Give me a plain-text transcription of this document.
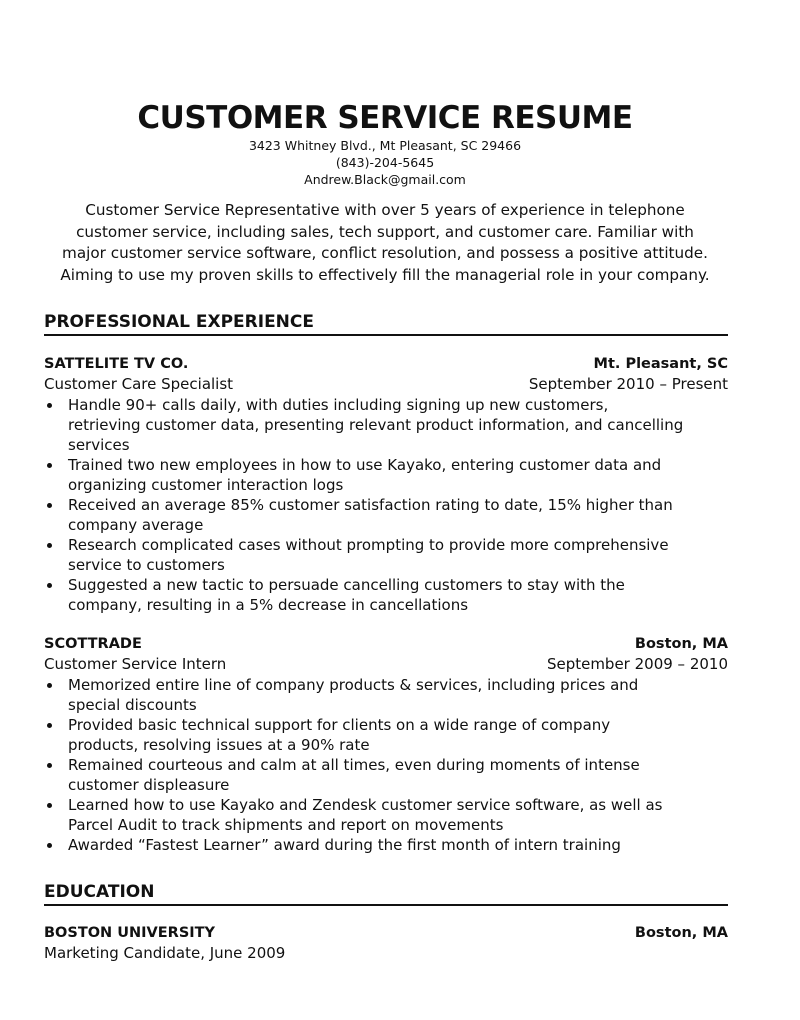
CUSTOMER SERVICE RESUME
3423 Whitney Blvd., Mt Pleasant, SC 29466
(843)-204-5645
Andrew.Black@gmail.com

Customer Service Representative with over 5 years of experience in telephone customer service, including sales, tech support, and customer care. Familiar with major customer service software, conflict resolution, and possess a positive attitude. Aiming to use my proven skills to effectively fill the managerial role in your company.

PROFESSIONAL EXPERIENCE
SATTELITE TV CO.	Mt. Pleasant, SC
Customer Care Specialist	September 2010 – Present
Handle 90+ calls daily, with duties including signing up new customers, retrieving customer data, presenting relevant product information, and cancelling services
Trained two new employees in how to use Kayako, entering customer data and organizing customer interaction logs
Received an average 85% customer satisfaction rating to date, 15% higher than company average
Research complicated cases without prompting to provide more comprehensive service to customers
Suggested a new tactic to persuade cancelling customers to stay with the company, resulting in a 5% decrease in cancellations
SCOTTRADE	Boston, MA
Customer Service Intern	September 2009 – 2010
Memorized entire line of company products & services, including prices and special discounts
Provided basic technical support for clients on a wide range of company products, resolving issues at a 90% rate
Remained courteous and calm at all times, even during moments of intense customer displeasure
Learned how to use Kayako and Zendesk customer service software, as well as Parcel Audit to track shipments and report on movements
Awarded “Fastest Learner” award during the first month of intern training
EDUCATION
BOSTON UNIVERSITY	Boston, MA
Marketing Candidate, June 2009
